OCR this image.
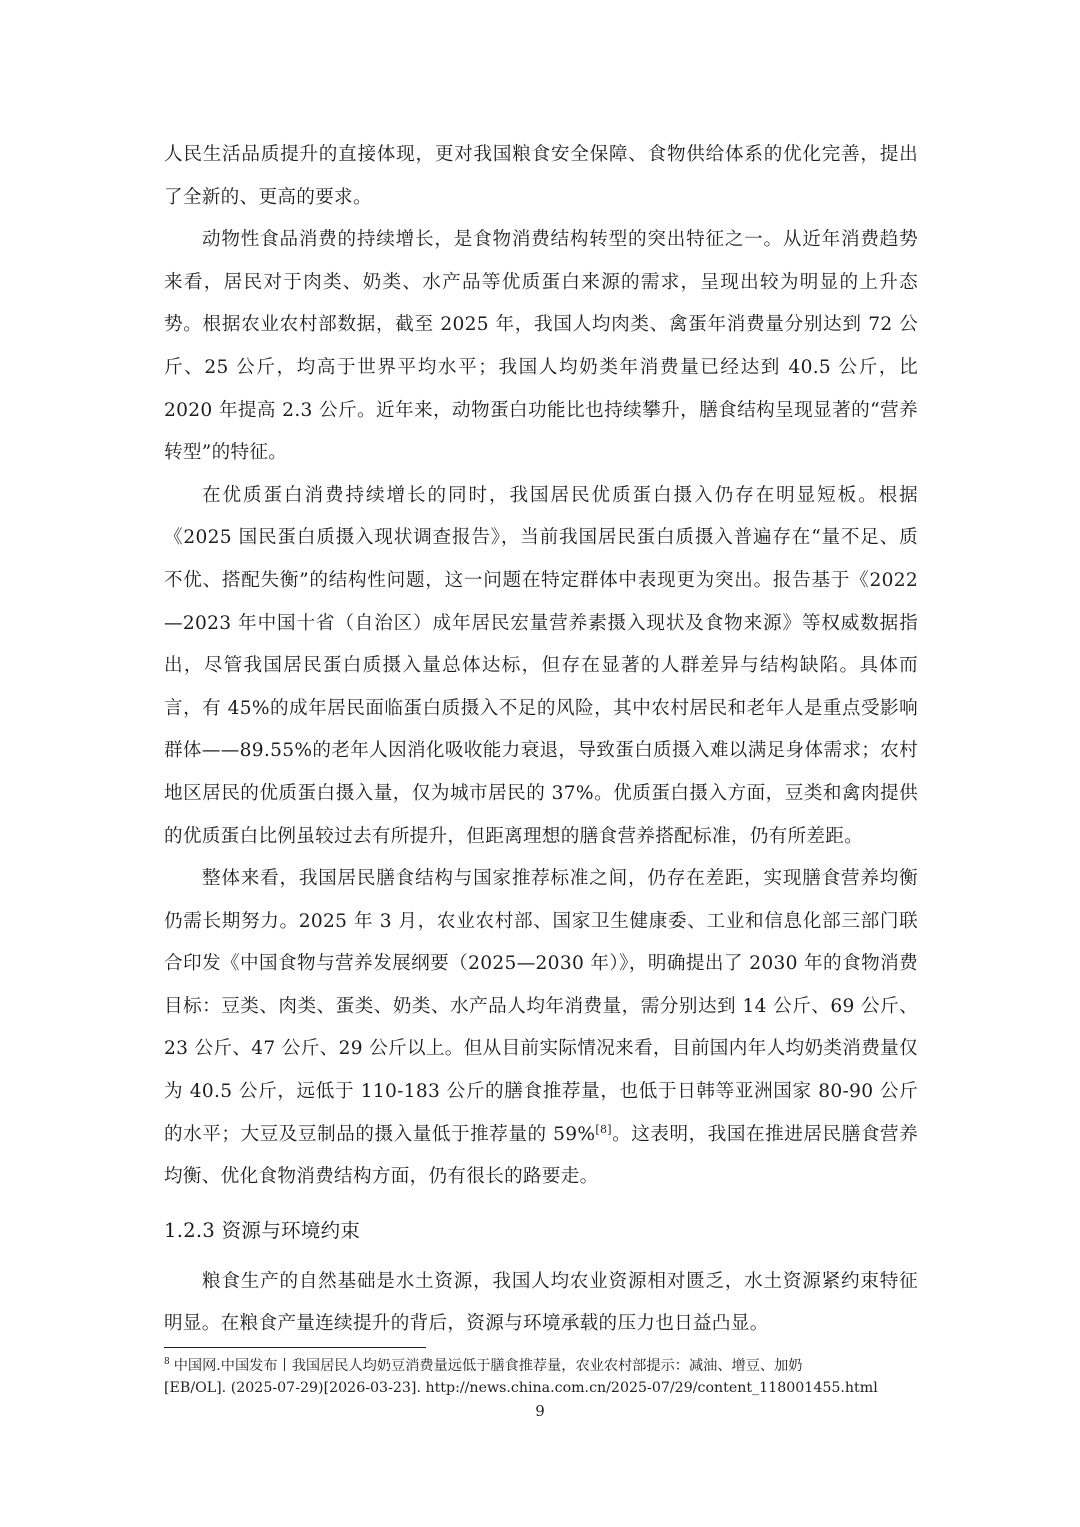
人民生活品质提升的直接体现，更对我国粮食安全保障、食物供给体系的优化完善，提出了全新的、更高的要求。

动物性食品消费的持续增长，是食物消费结构转型的突出特征之一。从近年消费趋势来看，居民对于肉类、奶类、水产品等优质蛋白来源的需求，呈现出较为明显的上升态势。根据农业农村部数据，截至 2025 年，我国人均肉类、禽蛋年消费量分别达到 72 公斤、25 公斤，均高于世界平均水平；我国人均奶类年消费量已经达到 40.5 公斤，比 2020 年提高 2.3 公斤。近年来，动物蛋白功能比也持续攀升，膳食结构呈现显著的“营养转型”的特征。

在优质蛋白消费持续增长的同时，我国居民优质蛋白摄入仍存在明显短板。根据《2025 国民蛋白质摄入现状调查报告》，当前我国居民蛋白质摄入普遍存在“量不足、质不优、搭配失衡”的结构性问题，这一问题在特定群体中表现更为突出。报告基于《2022—2023 年中国十省（自治区）成年居民宏量营养素摄入现状及食物来源》等权威数据指出，尽管我国居民蛋白质摄入量总体达标，但存在显著的人群差异与结构缺陷。具体而言，有 45%的成年居民面临蛋白质摄入不足的风险，其中农村居民和老年人是重点受影响群体——89.55%的老年人因消化吸收能力衰退，导致蛋白质摄入难以满足身体需求；农村地区居民的优质蛋白摄入量，仅为城市居民的 37%。优质蛋白摄入方面，豆类和禽肉提供的优质蛋白比例虽较过去有所提升，但距离理想的膳食营养搭配标准，仍有所差距。

整体来看，我国居民膳食结构与国家推荐标准之间，仍存在差距，实现膳食营养均衡仍需长期努力。2025 年 3 月，农业农村部、国家卫生健康委、工业和信息化部三部门联合印发《中国食物与营养发展纲要（2025—2030 年）》，明确提出了 2030 年的食物消费目标：豆类、肉类、蛋类、奶类、水产品人均年消费量，需分别达到 14 公斤、69 公斤、23 公斤、47 公斤、29 公斤以上。但从目前实际情况来看，目前国内年人均奶类消费量仅为 40.5 公斤，远低于 110-183 公斤的膳食推荐量，也低于日韩等亚洲国家 80-90 公斤的水平；大豆及豆制品的摄入量低于推荐量的 59%[8]。这表明，我国在推进居民膳食营养均衡、优化食物消费结构方面，仍有很长的路要走。

1.2.3 资源与环境约束

粮食生产的自然基础是水土资源，我国人均农业资源相对匮乏，水土资源紧约束特征明显。在粮食产量连续提升的背后，资源与环境承载的压力也日益凸显。

$^8$ 中国网.中国发布丨我国居民人均奶豆消费量远低于膳食推荐量，农业农村部提示：减油、增豆、加奶
[EB/OL]. (2025-07-29)[2026-03-23]. http://news.china.com.cn/2025-07/29/content_118001455.html
9
